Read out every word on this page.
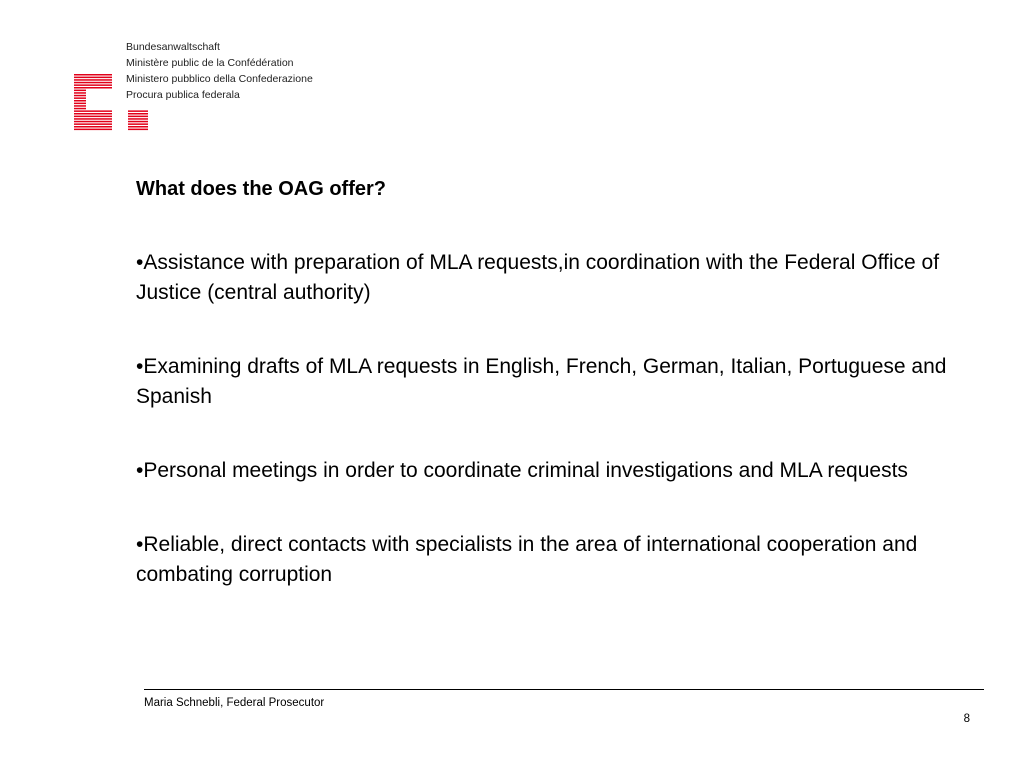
Bundesanwaltschaft
Ministère public de la Confédération
Ministero pubblico della Confederazione
Procura publica federala
What does the OAG offer?
•Assistance with preparation of MLA requests,in coordination with the Federal Office of Justice (central authority)
•Examining drafts of MLA requests in English, French, German, Italian, Portuguese and Spanish
•Personal meetings in order to coordinate criminal investigations and MLA requests
•Reliable, direct contacts with specialists in the area of international cooperation and combating corruption
Maria Schnebli, Federal Prosecutor
8
